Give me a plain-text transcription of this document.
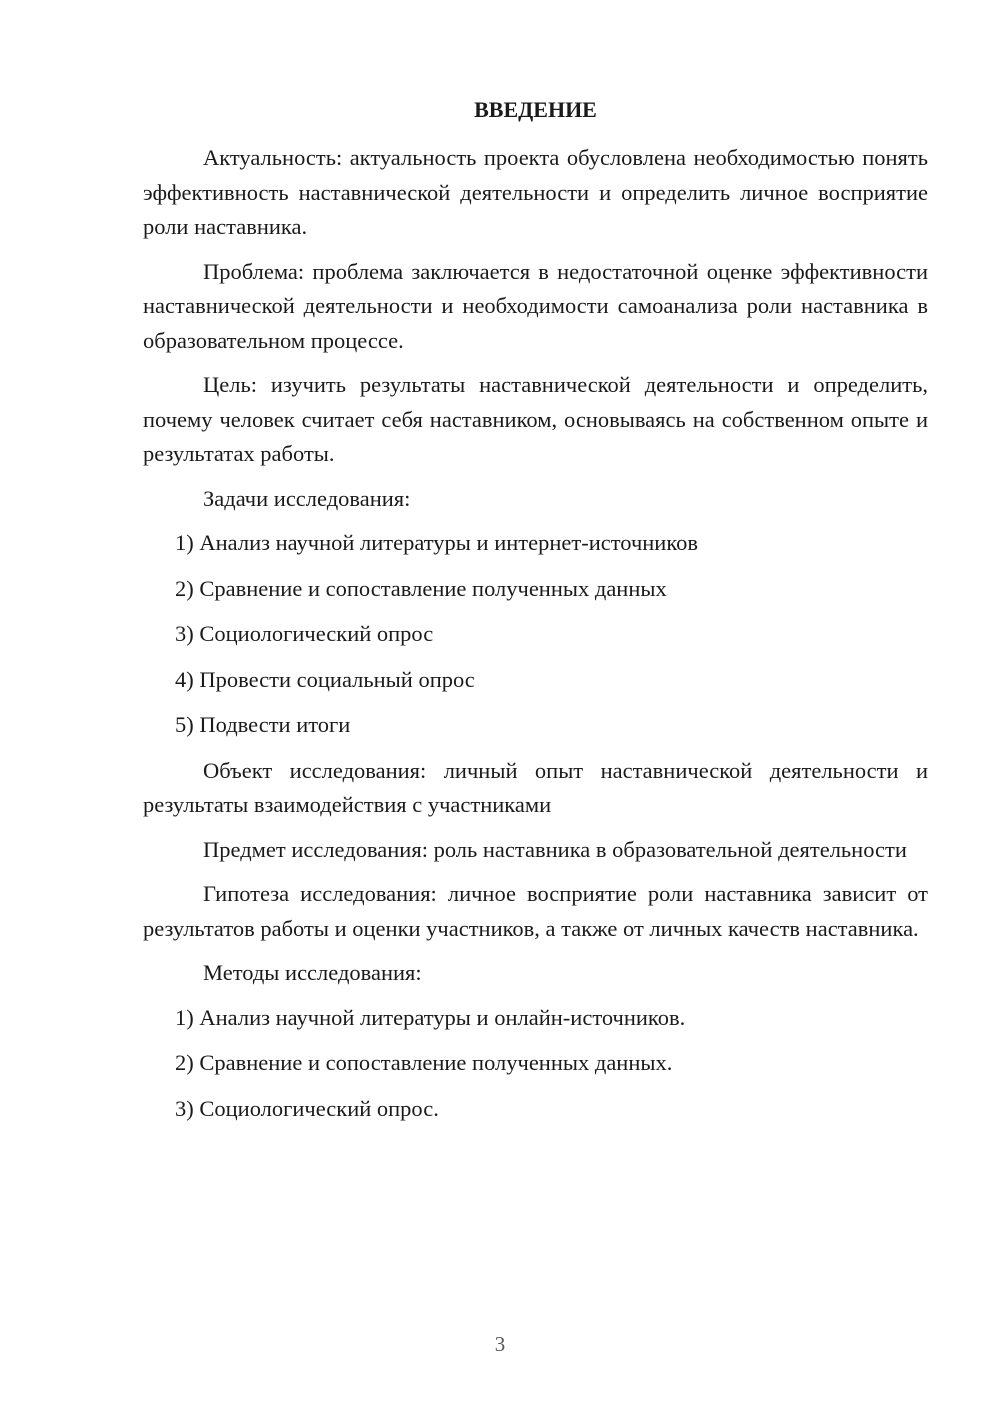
ВВЕДЕНИЕ

Актуальность: актуальность проекта обусловлена необходимостью понять эффективность наставнической деятельности и определить личное восприятие роли наставника.

Проблема: проблема заключается в недостаточной оценке эффективности наставнической деятельности и необходимости самоанализа роли наставника в образовательном процессе.

Цель: изучить результаты наставнической деятельности и определить, почему человек считает себя наставником, основываясь на собственном опыте и результатах работы.

Задачи исследования:
1) Анализ научной литературы и интернет-источников
2) Сравнение и сопоставление полученных данных
3) Социологический опрос
4) Провести социальный опрос
5) Подвести итоги

Объект исследования: личный опыт наставнической деятельности и результаты взаимодействия с участниками

Предмет исследования: роль наставника в образовательной деятельности

Гипотеза исследования: личное восприятие роли наставника зависит от результатов работы и оценки участников, а также от личных качеств наставника.

Методы исследования:
1) Анализ научной литературы и онлайн-источников.
2) Сравнение и сопоставление полученных данных.
3) Социологический опрос.
3
